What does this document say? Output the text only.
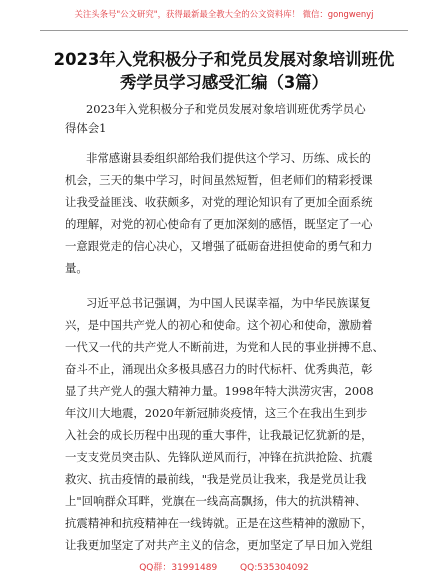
关注头条号"公文研究"，获得最新最全教大全的公文资料库！ 微信：gongwenyj
2023年入党积极分子和党员发展对象培训班优
秀学员学习感受汇编（3篇）
2023年入党积极分子和党员发展对象培训班优秀学员心
得体会1
非常感谢县委组织部给我们提供这个学习、历练、成长的
机会，三天的集中学习，时间虽然短暂，但老师们的精彩授课
让我受益匪浅、收获颇多，对党的理论知识有了更加全面系统
的理解，对党的初心使命有了更加深刻的感悟，既坚定了一心
一意跟党走的信心决心，又增强了砥砺奋进担使命的勇气和力
量。
习近平总书记强调，为中国人民谋幸福，为中华民族谋复
兴，是中国共产党人的初心和使命。这个初心和使命，激励着
一代又一代的共产党人不断前进，为党和人民的事业拼搏不息、
奋斗不止，涌现出众多极具感召力的时代标杆、优秀典范，彰
显了共产党人的强大精神力量。1998年特大洪涝灾害，2008
年汶川大地震，2020年新冠肺炎疫情，这三个在我出生到步
入社会的成长历程中出现的重大事件，让我最记忆犹新的是，
一支支党员突击队、先锋队逆风而行，冲锋在抗洪抢险、抗震
救灾、抗击疫情的最前线，"我是党员让我来，我是党员让我
上"回响群众耳畔，党旗在一线高高飘扬，伟大的抗洪精神、
抗震精神和抗疫精神在一线铸就。正是在这些精神的激励下，
让我更加坚定了对共产主义的信念，更加坚定了早日加入党组
QQ群：31991489	QQ:535304092
